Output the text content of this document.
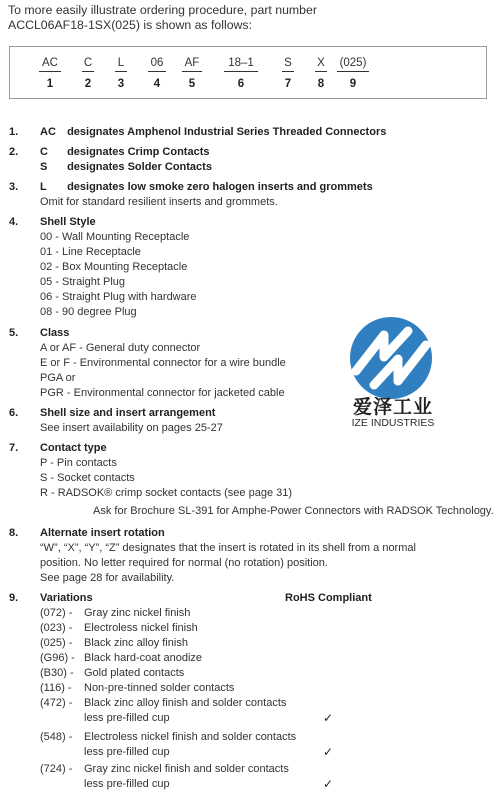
To more easily illustrate ordering procedure, part number
ACCL06AF18-1SX(025) is shown as follows:
AC	C	L	06	AF	18–1	S	X	(025)
1	2	3	4	5	6	7	8	9
1. AC designates Amphenol Industrial Series Threaded Connectors
2. C designates Crimp Contacts
S designates Solder Contacts
3. L designates low smoke zero halogen inserts and grommets
Omit for standard resilient inserts and grommets.
4. Shell Style
00 - Wall Mounting Receptacle
01 - Line Receptacle
02 - Box Mounting Receptacle
05 - Straight Plug
06 - Straight Plug with hardware
08 - 90 degree Plug
5. Class
A or AF - General duty connector
E or F - Environmental connector for a wire bundle
PGA or
PGR - Environmental connector for jacketed cable
爱泽工业
IZE INDUSTRIES
6. Shell size and insert arrangement
See insert availability on pages 25-27
7. Contact type
P - Pin contacts
S - Socket contacts
R - RADSOK® crimp socket contacts (see page 31)
Ask for Brochure SL-391 for Amphe-Power Connectors with RADSOK Technology.
8. Alternate insert rotation
“W”, “X”, “Y”, “Z” designates that the insert is rotated in its shell from a normal
position. No letter required for normal (no rotation) position.
See page 28 for availability.
9. Variations	RoHS Compliant
(072) - Gray zinc nickel finish
(023) - Electroless nickel finish
(025) - Black zinc alloy finish
(G96) - Black hard-coat anodize
(B30) - Gold plated contacts
(116) - Non-pre-tinned solder contacts
(472) - Black zinc alloy finish and solder contacts
less pre-filled cup	✓
(548) - Electroless nickel finish and solder contacts
less pre-filled cup	✓
(724) - Gray zinc nickel finish and solder contacts
less pre-filled cup	✓
